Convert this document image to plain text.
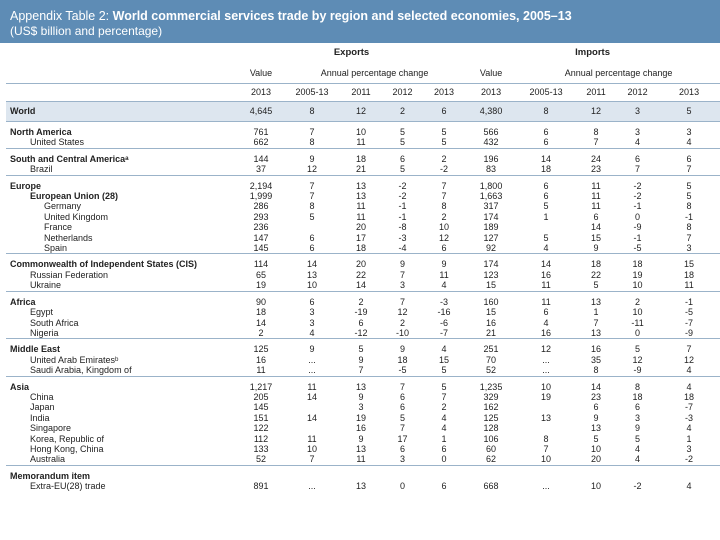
Appendix Table 2: World commercial services trade by region and selected economies, 2005–13
(US$ billion and percentage)
	Exports					Imports				
	Value	Annual percentage change				Value	Annual percentage change			
	2013	2005-13	2011	2012	2013	2013	2005-13	2011	2012	2013
World	4,645	8	12	2	6	4,380	8	12	3	5
North America	761	7	10	5	5	566	6	8	3	3
United States	662	8	11	5	5	432	6	7	4	4
South and Central Americaᵃ	144	9	18	6	2	196	14	24	6	6
Brazil	37	12	21	5	-2	83	18	23	7	7
Europe	2,194	7	13	-2	7	1,800	6	11	-2	5
European Union (28)	1,999	7	13	-2	7	1,663	6	11	-2	5
Germany	286	8	11	-1	8	317	5	11	-1	8
United Kingdom	293	5	11	-1	2	174	1	6	0	-1
France	236		20	-8	10	189		14	-9	8
Netherlands	147	6	17	-3	12	127	5	15	-1	7
Spain	145	6	18	-4	6	92	4	9	-5	3
Commonwealth of Independent States (CIS)	114	14	20	9	9	174	14	18	18	15
Russian Federation	65	13	22	7	11	123	16	22	19	18
Ukraine	19	10	14	3	4	15	11	5	10	11
Africa	90	6	2	7	-3	160	11	13	2	-1
Egypt	18	3	-19	12	-16	15	6	1	10	-5
South Africa	14	3	6	2	-6	16	4	7	-11	-7
Nigeria	2	4	-12	-10	-7	21	16	13	0	-9
Middle East	125	9	5	9	4	251	12	16	5	7
United Arab Emiratesᵇ	16	...	9	18	15	70	...	35	12	12
Saudi Arabia, Kingdom of	11	...	7	-5	5	52	...	8	-9	4
Asia	1,217	11	13	7	5	1,235	10	14	8	4
China	205	14	9	6	7	329	19	23	18	18
Japan	145		3	6	2	162		6	6	-7
India	151	14	19	5	4	125	13	9	3	-3
Singapore	122		16	7	4	128		13	9	4
Korea, Republic of	112	11	9	17	1	106	8	5	5	1
Hong Kong, China	133	10	13	6	6	60	7	10	4	3
Australia	52	7	11	3	0	62	10	20	4	-2
Memorandum item										
Extra-EU(28) trade	891	...	13	0	6	668	...	10	-2	4
